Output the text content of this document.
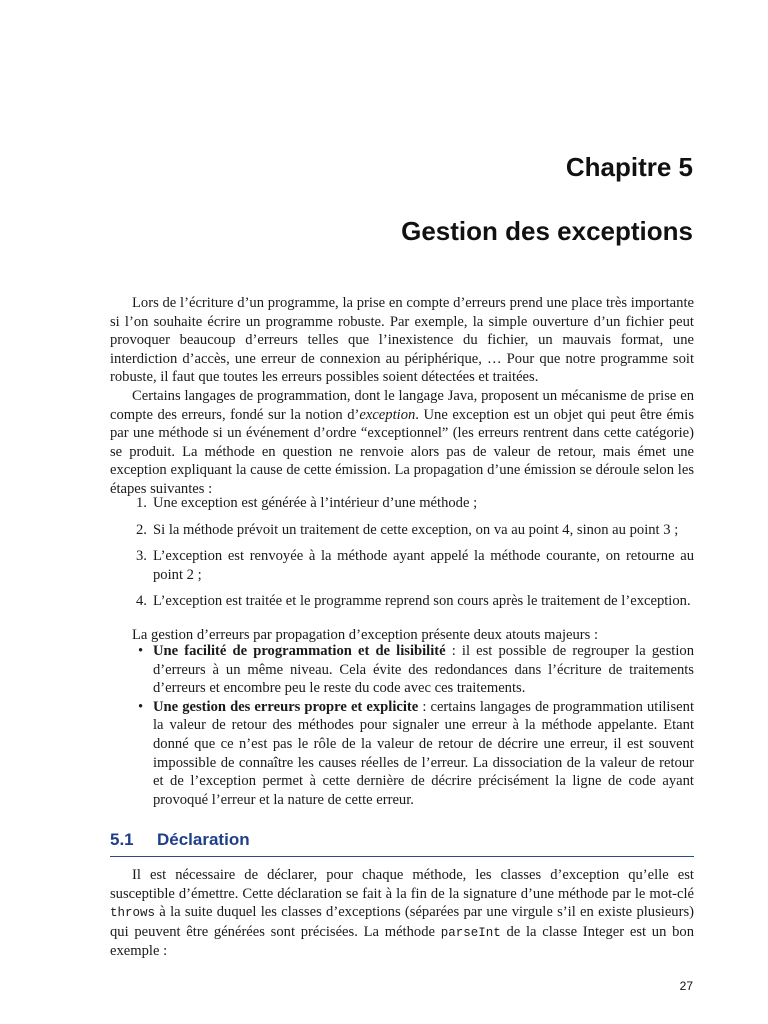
Chapitre 5
Gestion des exceptions

Lors de l’écriture d’un programme, la prise en compte d’erreurs prend une place très importante si l’on souhaite écrire un programme robuste. Par exemple, la simple ouverture d’un fichier peut provoquer beaucoup d’erreurs telles que l’inexistence du fichier, un mauvais format, une interdiction d’accès, une erreur de connexion au périphérique, … Pour que notre programme soit robuste, il faut que toutes les erreurs possibles soient détectées et traitées.

Certains langages de programmation, dont le langage Java, proposent un mécanisme de prise en compte des erreurs, fondé sur la notion d’exception. Une exception est un objet qui peut être émis par une méthode si un événement d’ordre “exceptionnel” (les erreurs rentrent dans cette catégorie) se produit. La méthode en question ne renvoie alors pas de valeur de retour, mais émet une exception expliquant la cause de cette émission. La propagation d’une émission se déroule selon les étapes suivantes :

1. Une exception est générée à l’intérieur d’une méthode ;
2. Si la méthode prévoit un traitement de cette exception, on va au point 4, sinon au point 3 ;
3. L’exception est renvoyée à la méthode ayant appelé la méthode courante, on retourne au point 2 ;
4. L’exception est traitée et le programme reprend son cours après le traitement de l’exception.

La gestion d’erreurs par propagation d’exception présente deux atouts majeurs :

• Une facilité de programmation et de lisibilité : il est possible de regrouper la gestion d’erreurs à un même niveau. Cela évite des redondances dans l’écriture de traitements d’erreurs et encombre peu le reste du code avec ces traitements.
• Une gestion des erreurs propre et explicite : certains langages de programmation utilisent la valeur de retour des méthodes pour signaler une erreur à la méthode appelante. Etant donné que ce n’est pas le rôle de la valeur de retour de décrire une erreur, il est souvent impossible de connaître les causes réelles de l’erreur. La dissociation de la valeur de retour et de l’exception permet à cette dernière de décrire précisément la ligne de code ayant provoqué l’erreur et la nature de cette erreur.
5.1 Déclaration

Il est nécessaire de déclarer, pour chaque méthode, les classes d’exception qu’elle est susceptible d’émettre. Cette déclaration se fait à la fin de la signature d’une méthode par le mot-clé throws à la suite duquel les classes d’exceptions (séparées par une virgule s’il en existe plusieurs) qui peuvent être générées sont précisées. La méthode parseInt de la classe Integer est un bon exemple :

27
